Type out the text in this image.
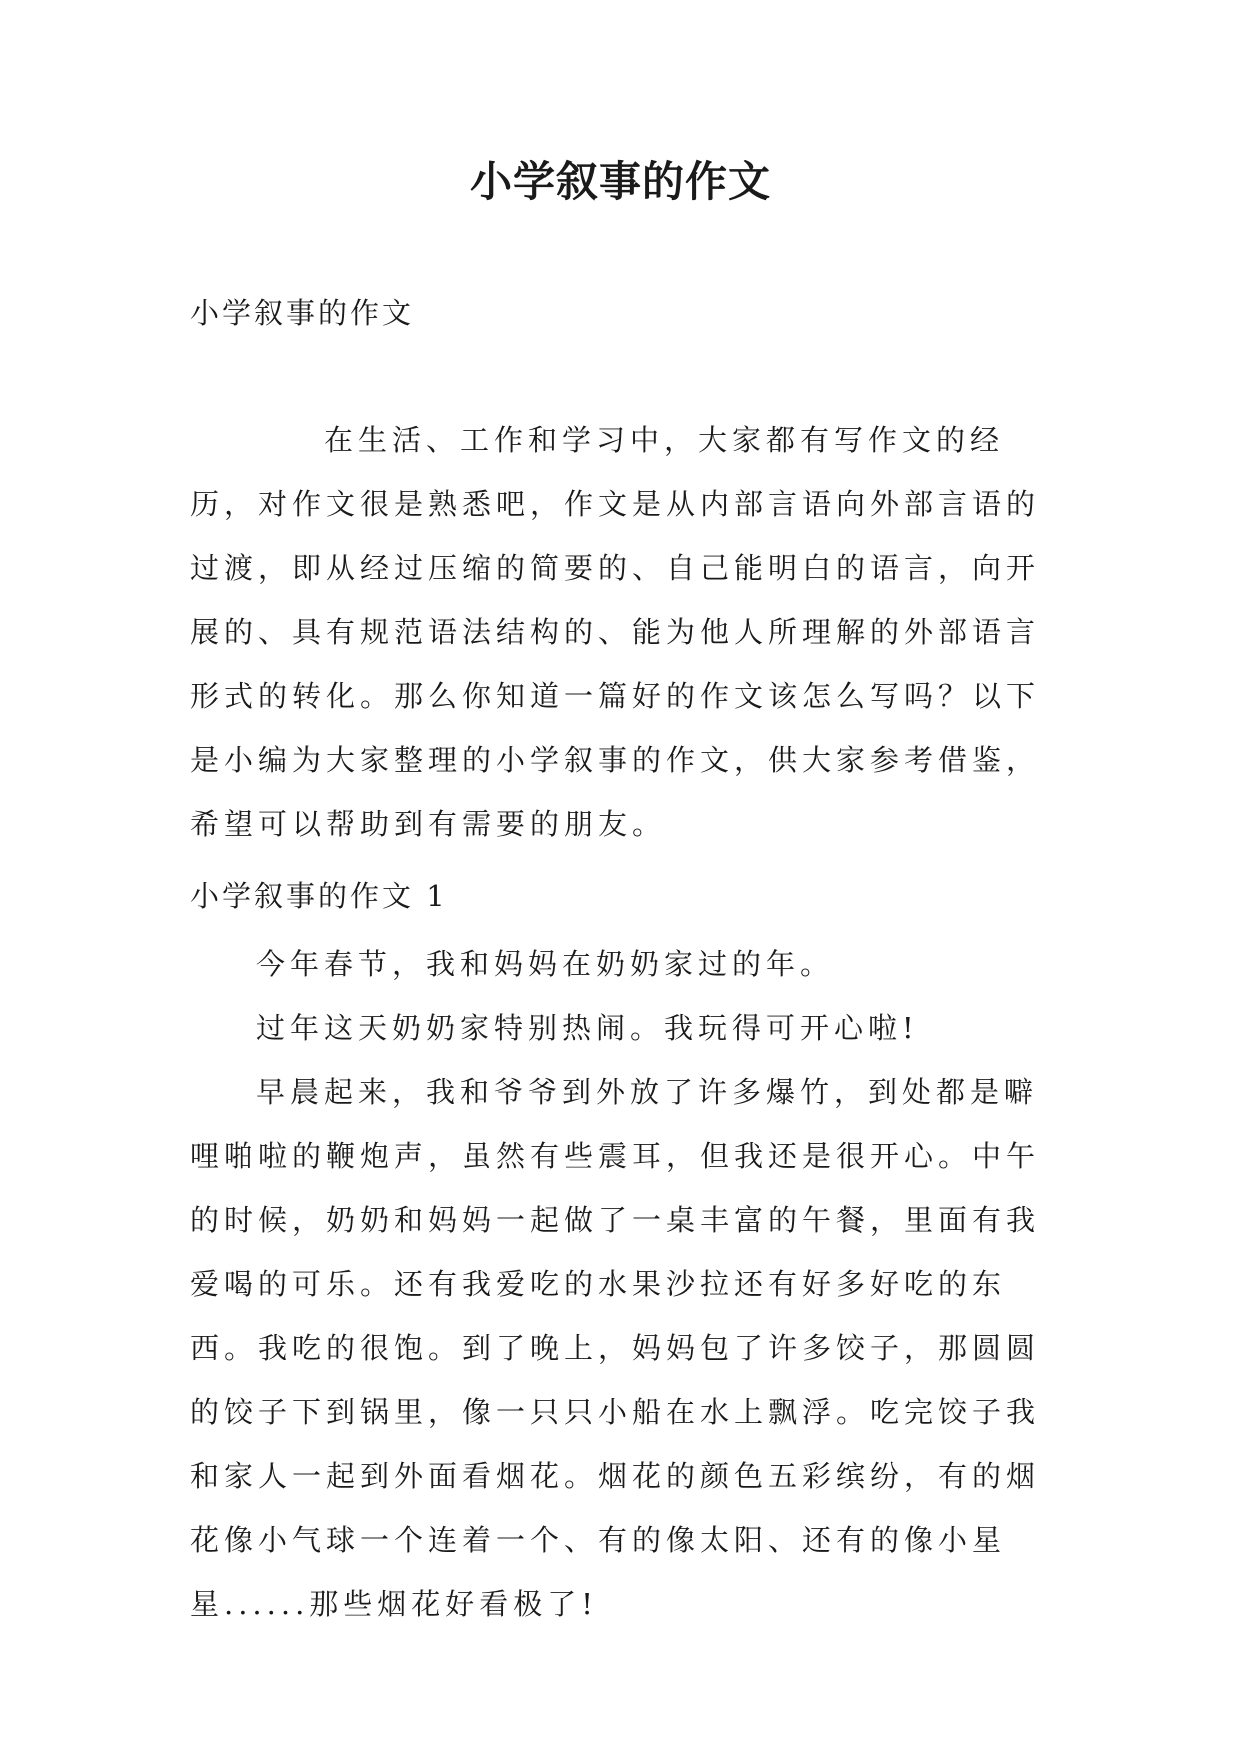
小学叙事的作文
小学叙事的作文

在生活、工作和学习中，大家都有写作文的经历，对作文很是熟悉吧，作文是从内部言语向外部言语的过渡，即从经过压缩的简要的、自己能明白的语言，向开展的、具有规范语法结构的、能为他人所理解的外部语言形式的转化。那么你知道一篇好的作文该怎么写吗？以下是小编为大家整理的小学叙事的作文，供大家参考借鉴，希望可以帮助到有需要的朋友。

小学叙事的作文 1

今年春节，我和妈妈在奶奶家过的年。

过年这天奶奶家特别热闹。我玩得可开心啦!

早晨起来，我和爷爷到外放了许多爆竹，到处都是噼哩啪啦的鞭炮声，虽然有些震耳，但我还是很开心。中午的时候，奶奶和妈妈一起做了一桌丰富的午餐，里面有我爱喝的可乐。还有我爱吃的水果沙拉还有好多好吃的东西。我吃的很饱。到了晚上，妈妈包了许多饺子，那圆圆的饺子下到锅里，像一只只小船在水上飘浮。吃完饺子我和家人一起到外面看烟花。烟花的颜色五彩缤纷，有的烟花像小气球一个连着一个、有的像太阳、还有的像小星星......那些烟花好看极了!
